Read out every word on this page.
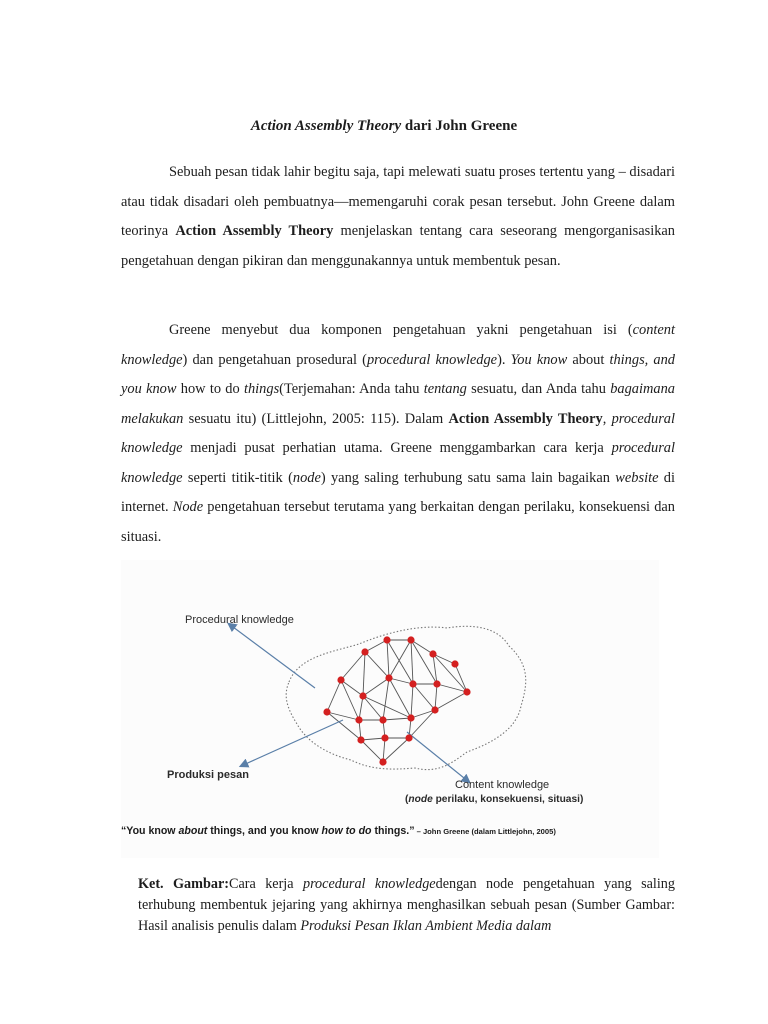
Action Assembly Theory dari John Greene

Sebuah pesan tidak lahir begitu saja, tapi melewati suatu proses tertentu yang – disadari atau tidak disadari oleh pembuatnya—memengaruhi corak pesan tersebut. John Greene dalam teorinya Action Assembly Theory menjelaskan tentang cara seseorang mengorganisasikan pengetahuan dengan pikiran dan menggunakannya untuk membentuk pesan.

Greene menyebut dua komponen pengetahuan yakni pengetahuan isi (content knowledge) dan pengetahuan prosedural (procedural knowledge). You know about things, and you know how to do things(Terjemahan: Anda tahu tentang sesuatu, dan Anda tahu bagaimana melakukan sesuatu itu) (Littlejohn, 2005: 115). Dalam Action Assembly Theory, procedural knowledge menjadi pusat perhatian utama. Greene menggambarkan cara kerja procedural knowledge seperti titik-titik (node) yang saling terhubung satu sama lain bagaikan website di internet. Node pengetahuan tersebut terutama yang berkaitan dengan perilaku, konsekuensi dan situasi.

Procedural knowledge
Produksi pesan
Content knowledge
(node perilaku, konsekuensi, situasi)
“You know about things, and you know how to do things.” – John Greene (dalam Littlejohn, 2005)

Ket. Gambar:Cara kerja procedural knowledgedengan node pengetahuan yang saling terhubung membentuk jejaring yang akhirnya menghasilkan sebuah pesan (Sumber Gambar: Hasil analisis penulis dalam Produksi Pesan Iklan Ambient Media dalam
